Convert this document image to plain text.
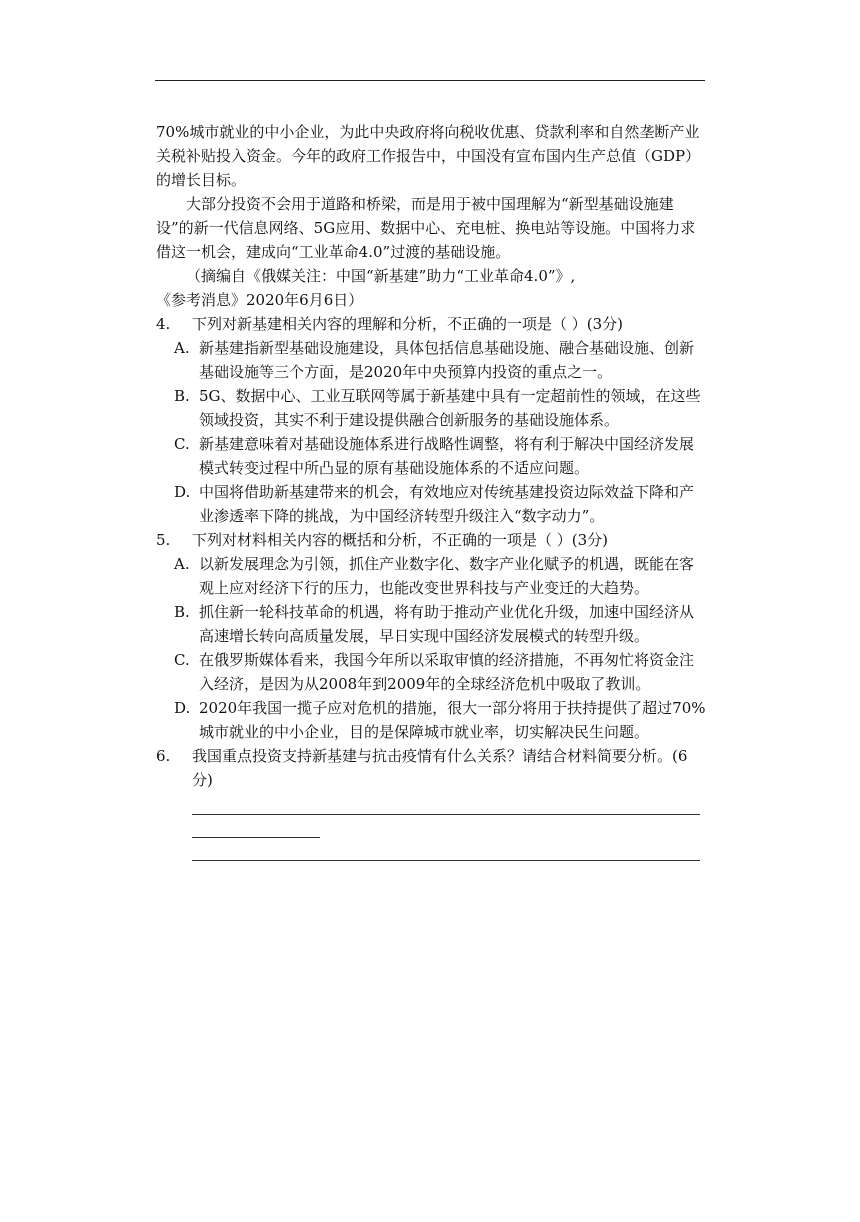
70%城市就业的中小企业，为此中央政府将向税收优惠、贷款利率和自然垄断产业关税补贴投入资金。今年的政府工作报告中，中国没有宣布国内生产总值（GDP）的增长目标。

大部分投资不会用于道路和桥梁，而是用于被中国理解为“新型基础设施建设”的新一代信息网络、5G应用、数据中心、充电桩、换电站等设施。中国将力求借这一机会，建成向“工业革命4.0”过渡的基础设施。

（摘编自《俄媒关注：中国“新基建”助力“工业革命4.0”》,

《参考消息》2020年6月6日）

4.	下列对新基建相关内容的理解和分析，不正确的一项是（ ）(3分)
A. 新基建指新型基础设施建设，具体包括信息基础设施、融合基础设施、创新基础设施等三个方面，是2020年中央预算内投资的重点之一。
B. 5G、数据中心、工业互联网等属于新基建中具有一定超前性的领域，在这些领域投资，其实不利于建设提供融合创新服务的基础设施体系。
C. 新基建意味着对基础设施体系进行战略性调整，将有利于解决中国经济发展模式转变过程中所凸显的原有基础设施体系的不适应问题。
D. 中国将借助新基建带来的机会，有效地应对传统基建投资边际效益下降和产业渗透率下降的挑战，为中国经济转型升级注入“数字动力”。
5.	下列对材料相关内容的概括和分析，不正确的一项是（ ）(3分)
A. 以新发展理念为引领，抓住产业数字化、数字产业化赋予的机遇，既能在客观上应对经济下行的压力，也能改变世界科技与产业变迁的大趋势。
B. 抓住新一轮科技革命的机遇，将有助于推动产业优化升级，加速中国经济从高速增长转向高质量发展，早日实现中国经济发展模式的转型升级。
C. 在俄罗斯媒体看来，我国今年所以采取审慎的经济措施，不再匆忙将资金注入经济，是因为从2008年到2009年的全球经济危机中吸取了教训。
D. 2020年我国一揽子应对危机的措施，很大一部分将用于扶持提供了超过70%城市就业的中小企业，目的是保障城市就业率，切实解决民生问题。
6.	我国重点投资支持新基建与抗击疫情有什么关系？请结合材料简要分析。(6分)
